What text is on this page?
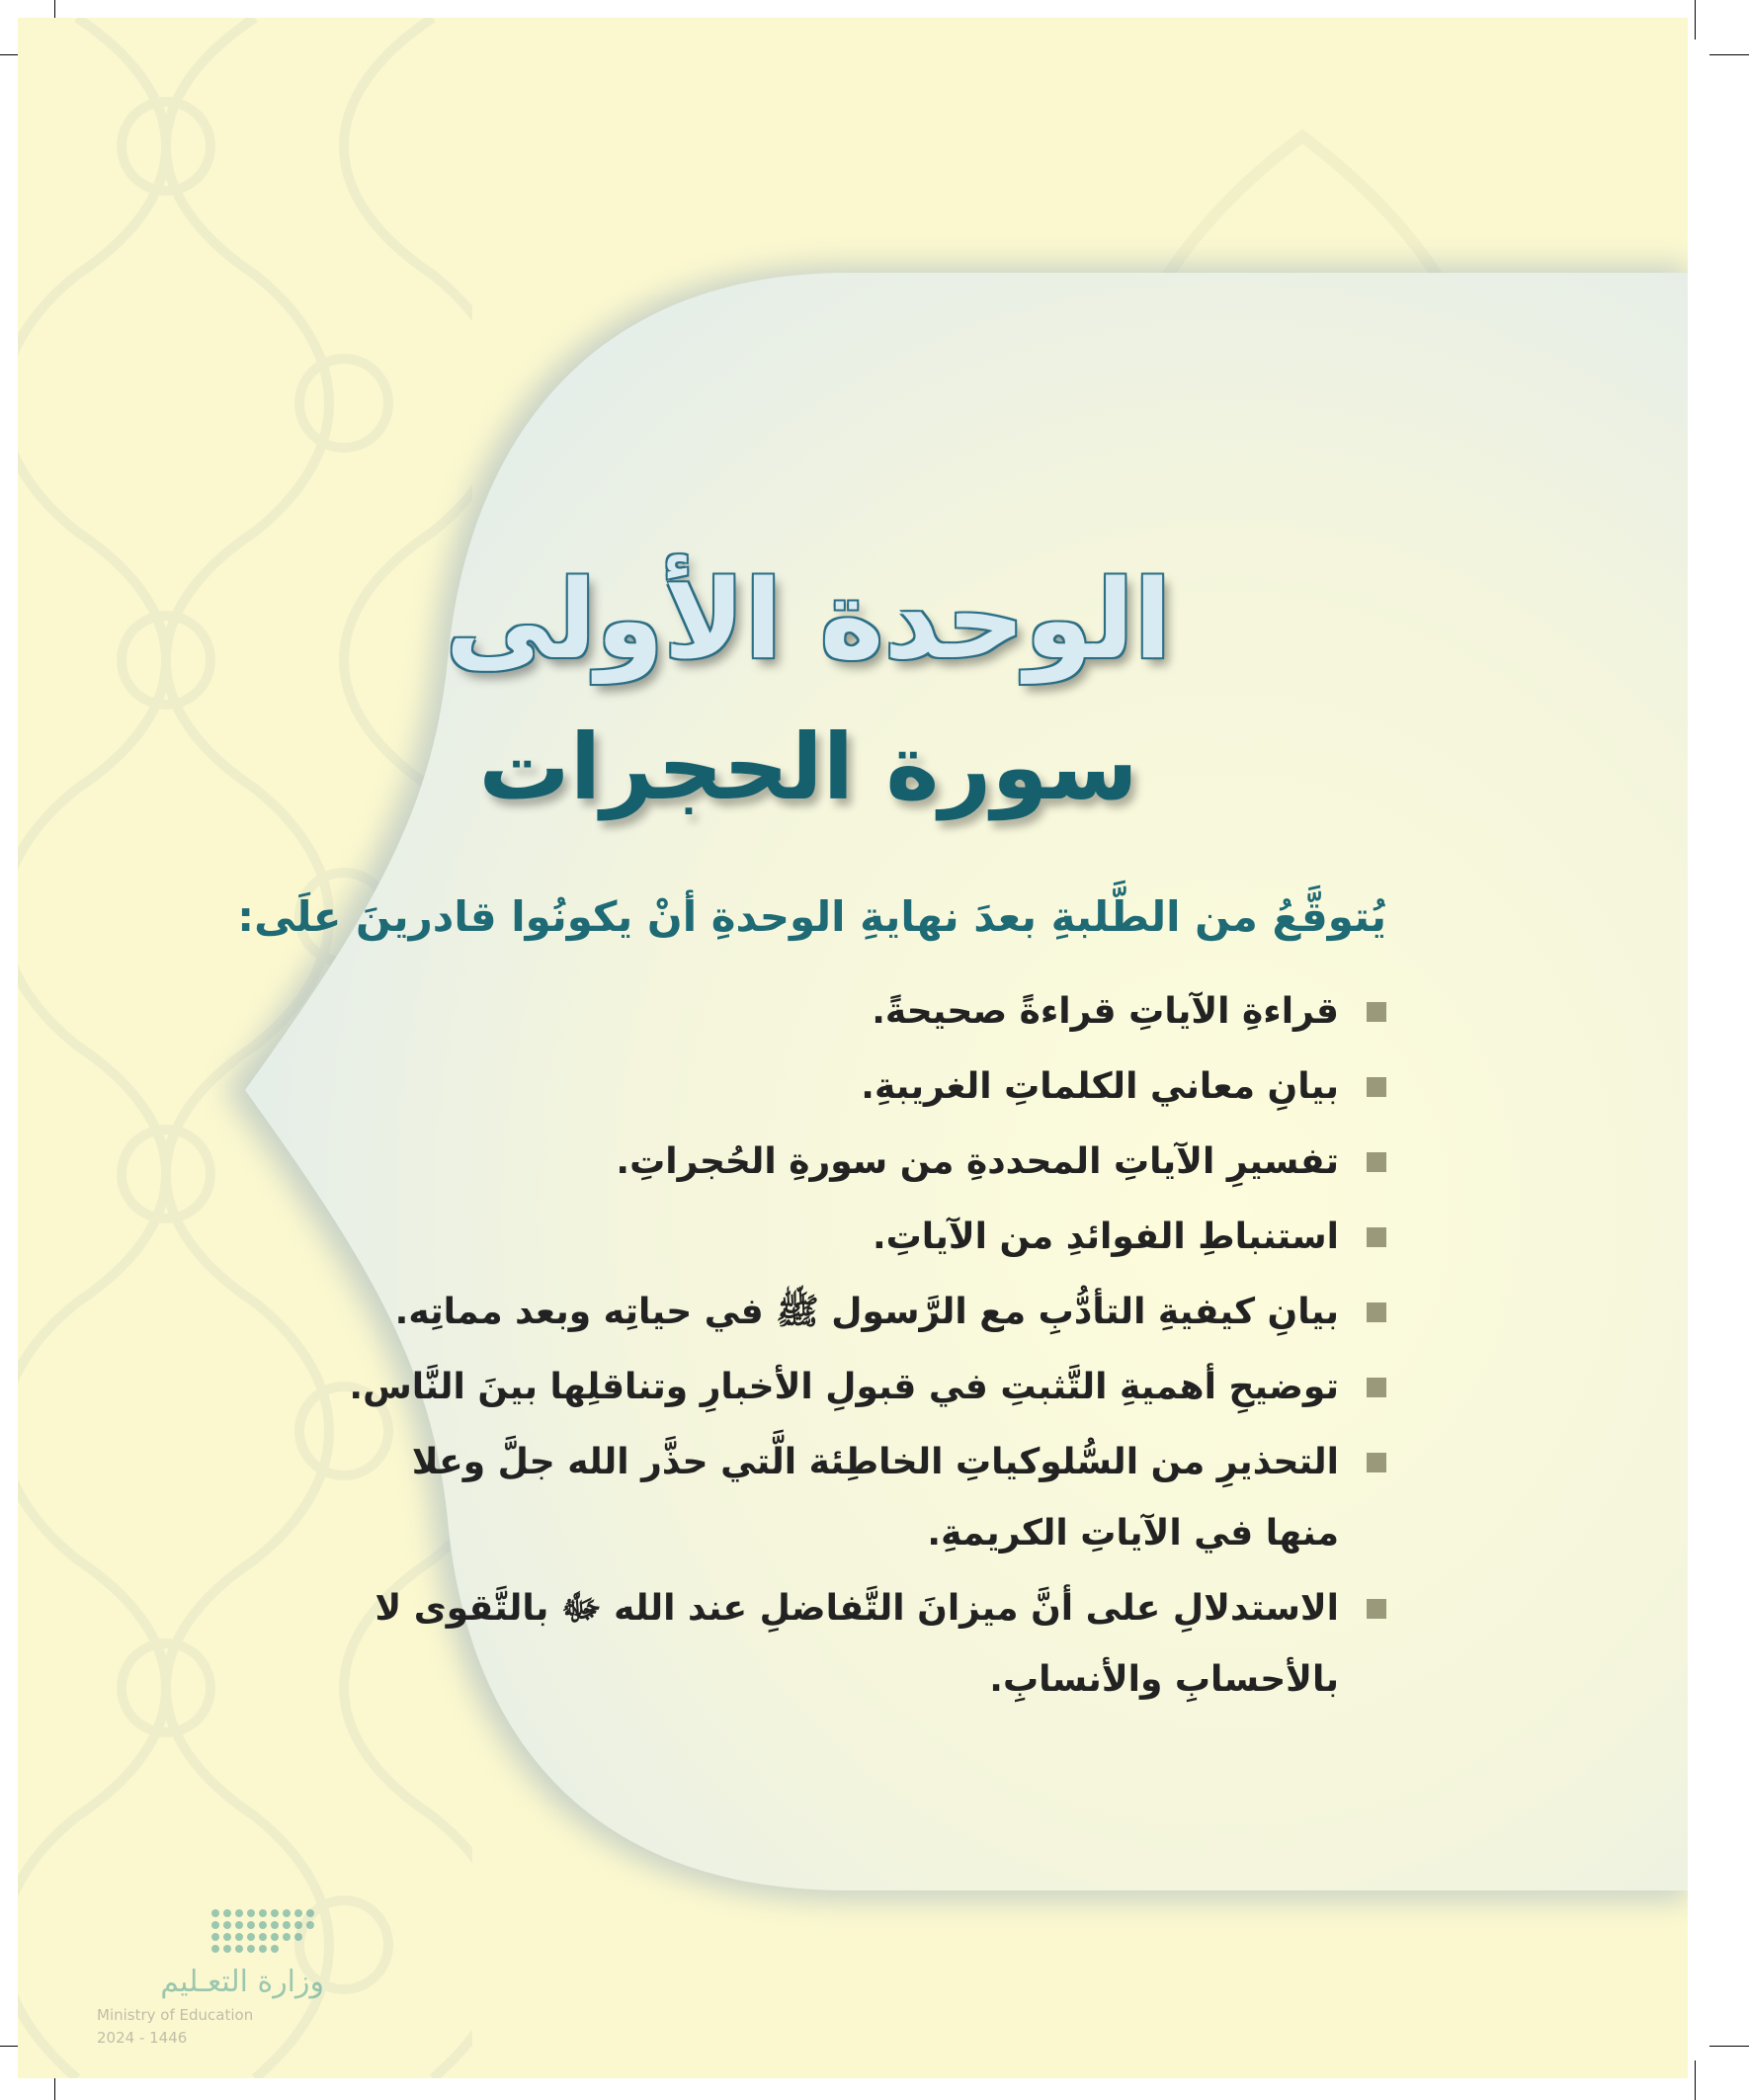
الوحدة الأولى
سورة الحجرات
يُتوقَّعُ من الطَّلبةِ بعدَ نهايةِ الوحدةِ أنْ يكونُوا قادرينَ علَى:
قراءةِ الآياتِ قراءةً صحيحةً.
بيانِ معاني الكلماتِ الغريبةِ.
تفسيرِ الآياتِ المحددةِ من سورةِ الحُجراتِ.
استنباطِ الفوائدِ من الآياتِ.
بيانِ كيفيةِ التأدُّبِ مع الرَّسول ﷺ في حياتِه وبعد مماتِه.
توضيحِ أهميةِ التَّثبتِ في قبولِ الأخبارِ وتناقلِها بينَ النَّاس.
التحذيرِ من السُّلوكياتِ الخاطِئة الَّتي حذَّر الله جلَّ وعلا منها في الآياتِ الكريمةِ.
الاستدلالِ على أنَّ ميزانَ التَّفاضلِ عند الله ﷻ بالتَّقوى لا بالأحسابِ والأنسابِ.
وزارة التعـليم
Ministry of Education
2024 - 1446
